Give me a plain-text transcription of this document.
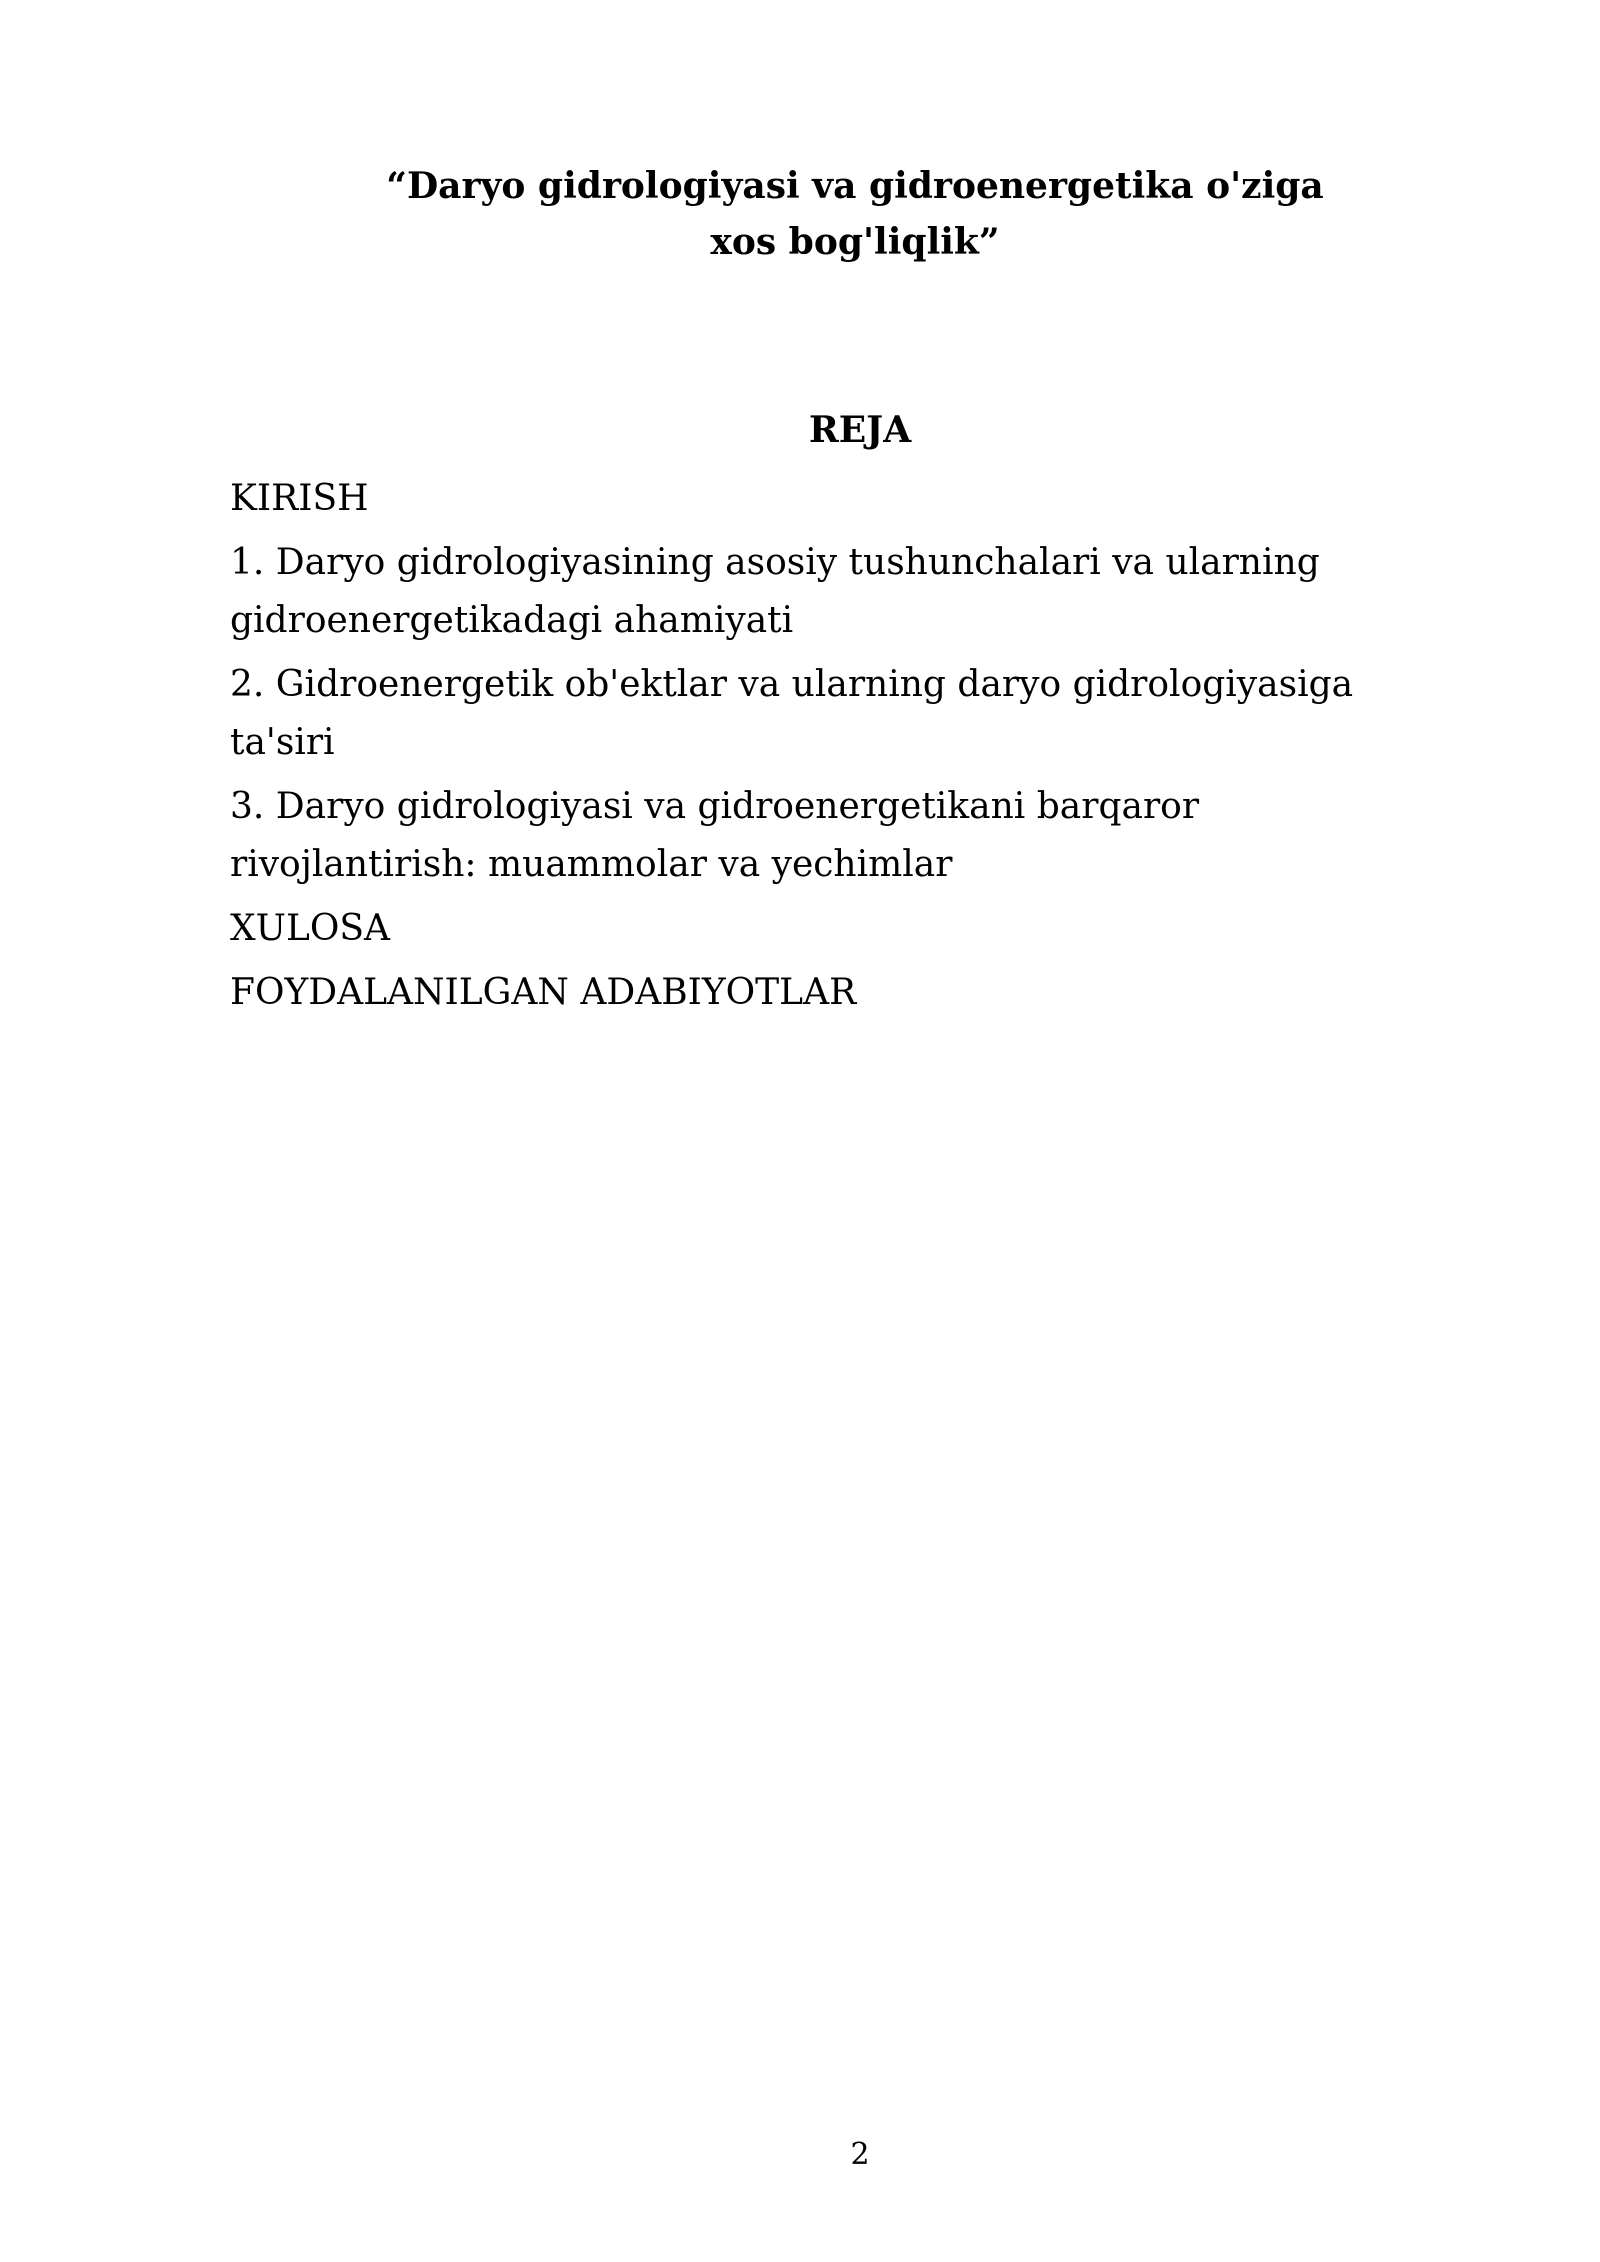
“Daryo gidrologiyasi va gidroenergetika o'ziga
xos bog'liqlik”
REJA

KIRISH

1. Daryo gidrologiyasining asosiy tushunchalari va ularning gidroenergetikadagi ahamiyati

2. Gidroenergetik ob'ektlar va ularning daryo gidrologiyasiga ta'siri

3. Daryo gidrologiyasi va gidroenergetikani barqaror rivojlantirish: muammolar va yechimlar

XULOSA

FOYDALANILGAN ADABIYOTLAR

2
